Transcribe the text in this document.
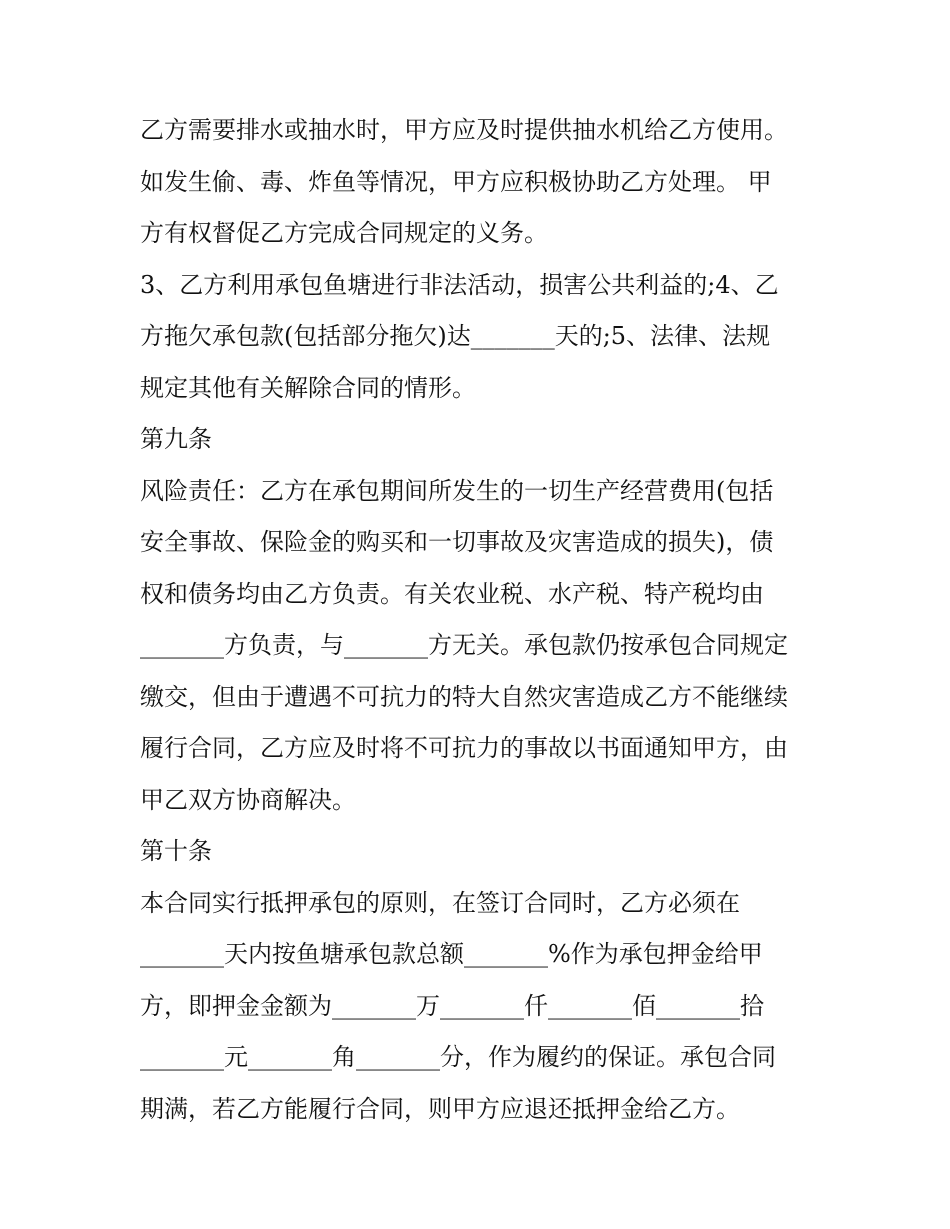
乙方需要排水或抽水时，甲方应及时提供抽水机给乙方使用。
如发生偷、毒、炸鱼等情况，甲方应积极协助乙方处理。 甲
方有权督促乙方完成合同规定的义务。
3、乙方利用承包鱼塘进行非法活动，损害公共利益的;4、乙
方拖欠承包款(包括部分拖欠)达_______天的;5、法律、法规
规定其他有关解除合同的情形。
第九条
风险责任：乙方在承包期间所发生的一切生产经营费用(包括
安全事故、保险金的购买和一切事故及灾害造成的损失)，债
权和债务均由乙方负责。有关农业税、水产税、特产税均由
_______方负责，与_______方无关。承包款仍按承包合同规定
缴交，但由于遭遇不可抗力的特大自然灾害造成乙方不能继续
履行合同，乙方应及时将不可抗力的事故以书面通知甲方，由
甲乙双方协商解决。
第十条
本合同实行抵押承包的原则，在签订合同时，乙方必须在
_______天内按鱼塘承包款总额_______%作为承包押金给甲
方，即押金金额为_______万_______仟_______佰_______拾
_______元_______角_______分，作为履约的保证。承包合同
期满，若乙方能履行合同，则甲方应退还抵押金给乙方。
